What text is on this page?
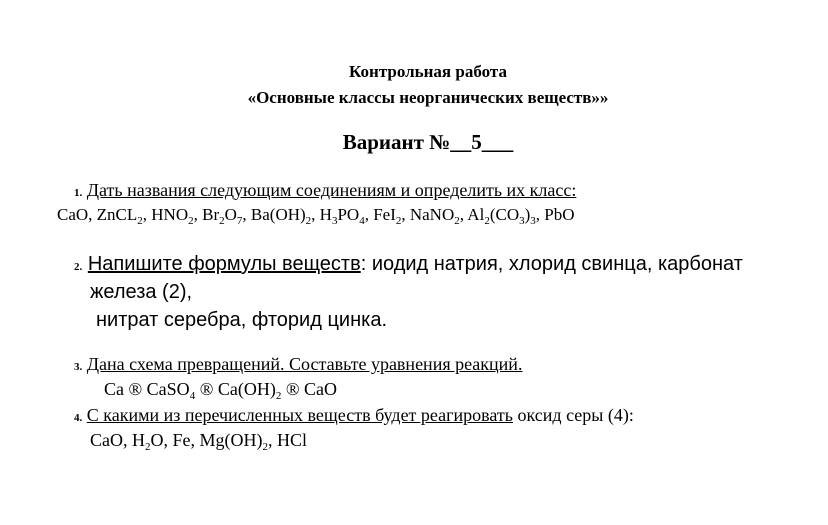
Контрольная работа
«Основные классы неорганических веществ»»
Вариант №__5___
1. Дать названия следующим соединениям и определить их класс:
CaO, ZnCL$_2$, $HNO_2$, $Br_2O_7$, $Ba(OH)_2$, $H_3PO_4$, FeI$_2$, NaNO$_2$, $Al_2(CO_3)_3$, PbO
2. Напишите формулы веществ: иодид натрия, хлорид свинца, карбонат
железа (2),
нитрат серебра, фторид цинка.
3. Дана схема превращений. Составьте уравнения реакций.
Ca ® CaSO$_4$ ® $Ca(OH)_2$ ® CaO
4. С какими из перечисленных веществ будет реагировать оксид серы (4):
CaO, $H_2O$, Fe, $Mg(OH)_2$, HCl
